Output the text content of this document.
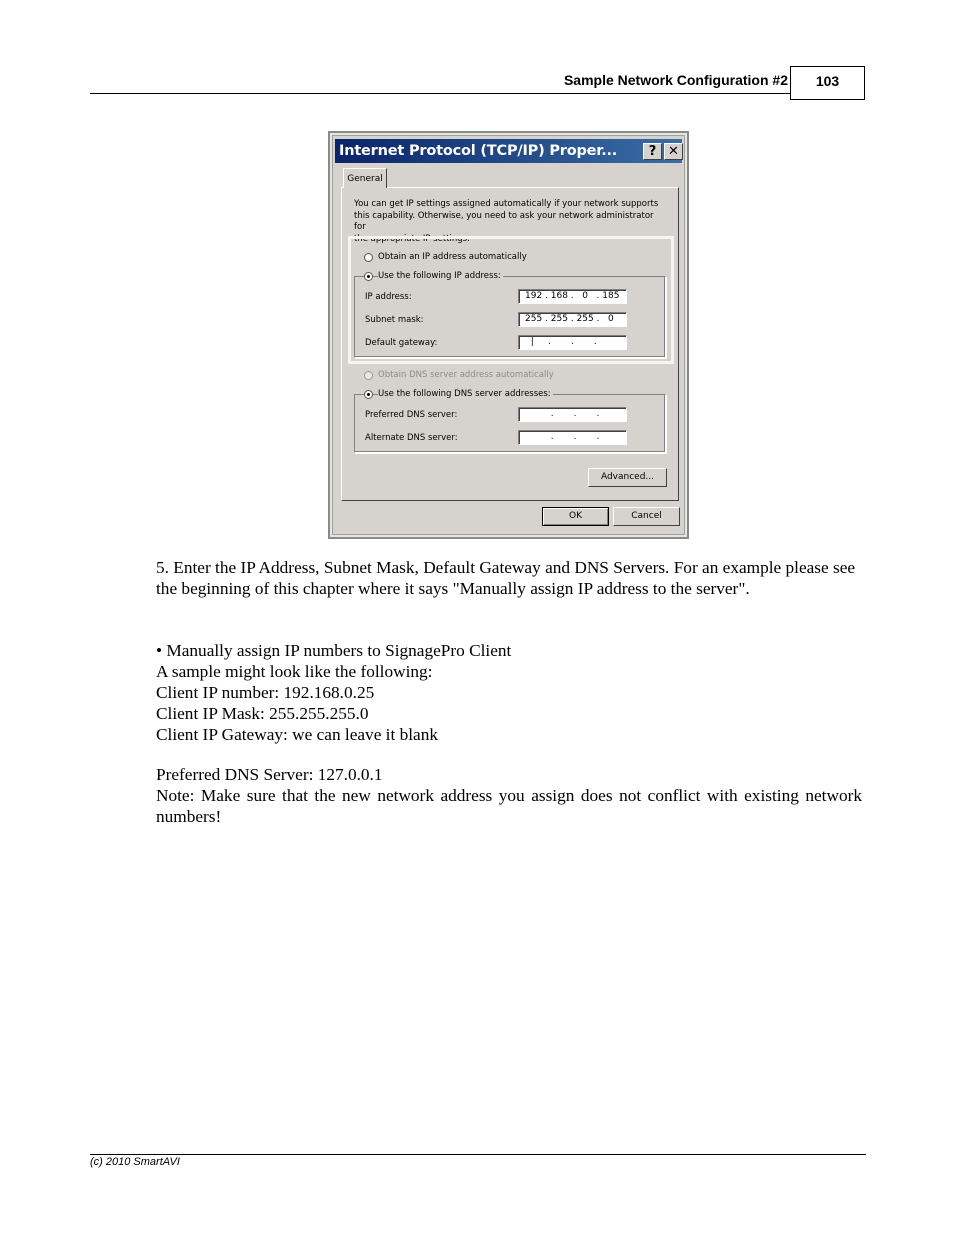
Sample Network Configuration #2	103
Internet Protocol (TCP/IP) Proper...	? ✕
General
You can get IP settings assigned automatically if your network supports
this capability. Otherwise, you need to ask your network administrator for
the appropriate IP settings.
Obtain an IP address automatically
Use the following IP address:
IP address:	192 . 168 .   0   . 185
Subnet mask:	255 . 255 . 255 .   0
Default gateway:	|     .       .       .
Obtain DNS server address automatically
Use the following DNS server addresses:
Preferred DNS server:	.       .       .
Alternate DNS server:	.       .       .
Advanced...
OK	Cancel
5. Enter the IP Address, Subnet Mask, Default Gateway and DNS Servers. For an example please see the beginning of this chapter where it says "Manually assign IP address to the server".
• Manually assign IP numbers to SignagePro Client
A sample might look like the following:
Client IP number: 192.168.0.25
Client IP Mask: 255.255.255.0
Client IP Gateway: we can leave it blank
Preferred DNS Server: 127.0.0.1
Note: Make sure that the new network address you assign does not conflict with existing network numbers!
(c) 2010 SmartAVI
